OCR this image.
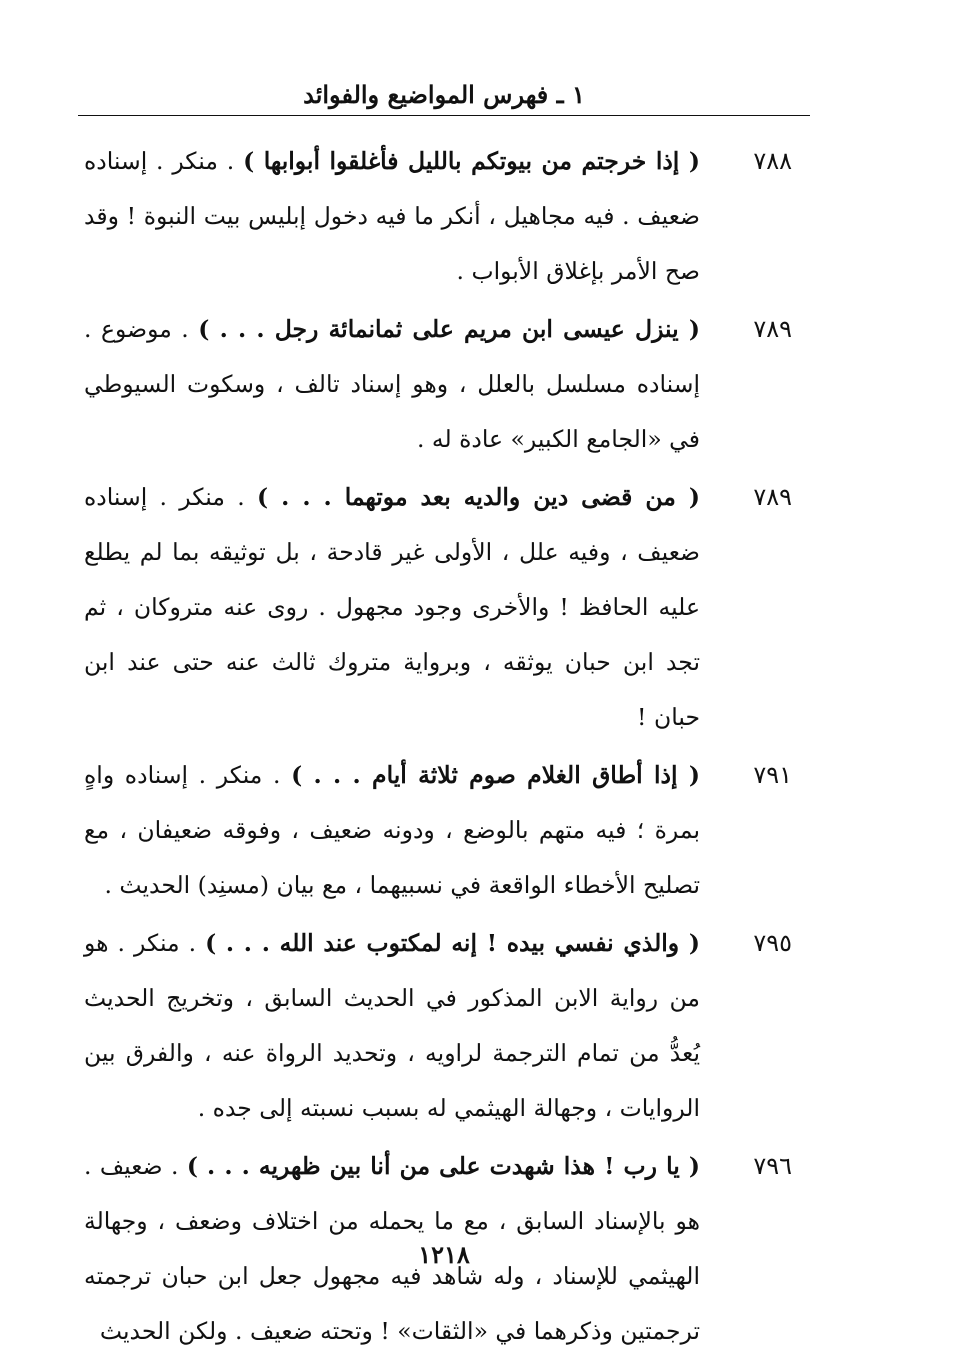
١ ـ فهرس المواضيع والفوائد
٧٨٨
( إذا خرجتم من بيوتكم بالليل فأغلقوا أبوابها ) . منكر . إسناده ضعيف . فيه مجاهيل ، أنكر ما فيه دخول إبليس بيت النبوة ! وقد صح الأمر بإغلاق الأبواب .
٧٨٩
( ينزل عيسى ابن مريم على ثمانمائة رجل . . . ) . موضوع . إسناده مسلسل بالعلل ، وهو إسناد تالف ، وسكوت السيوطي في «الجامع الكبير» عادة له .
٧٨٩
( من قضى دين والديه بعد موتهما . . . ) . منكر . إسناده ضعيف ، وفيه علل ، الأولى غير قادحة ، بل توثيقه بما لم يطلع عليه الحافظ ! والأخرى وجود مجهول . روى عنه متروكان ، ثم تجد ابن حبان يوثقه ، وبرواية متروك ثالث عنه حتى عند ابن حبان !
٧٩١
( إذا أطاق الغلام صوم ثلاثة أيام . . . ) . منكر . إسناده واهٍ بمرة ؛ فيه متهم بالوضع ، ودونه ضعيف ، وفوقه ضعيفان ، مع تصليح الأخطاء الواقعة في نسبيهما ، مع بيان (مسنِد) الحديث .
٧٩٥
( والذي نفسي بيده ! إنه لمكتوب عند الله . . . ) . منكر . هو من رواية الابن المذكور في الحديث السابق ، وتخريج الحديث يُعدُّ من تمام الترجمة لراويه ، وتحديد الرواة عنه ، والفرق بين الروايات ، وجهالة الهيثمي له بسبب نسبته إلى جده .
٧٩٦
( يا رب ! هذا شهدت على من أنا بين ظهريه . . . ) . ضعيف . هو بالإسناد السابق ، مع ما يحمله من اختلاف وضعف ، وجهالة الهيثمي للإسناد ، وله شاهد فيه مجهول جعل ابن حبان ترجمته ترجمتين وذكرهما في «الثقات» ! وتحته ضعيف . ولكن الحديث
١٢١٨
